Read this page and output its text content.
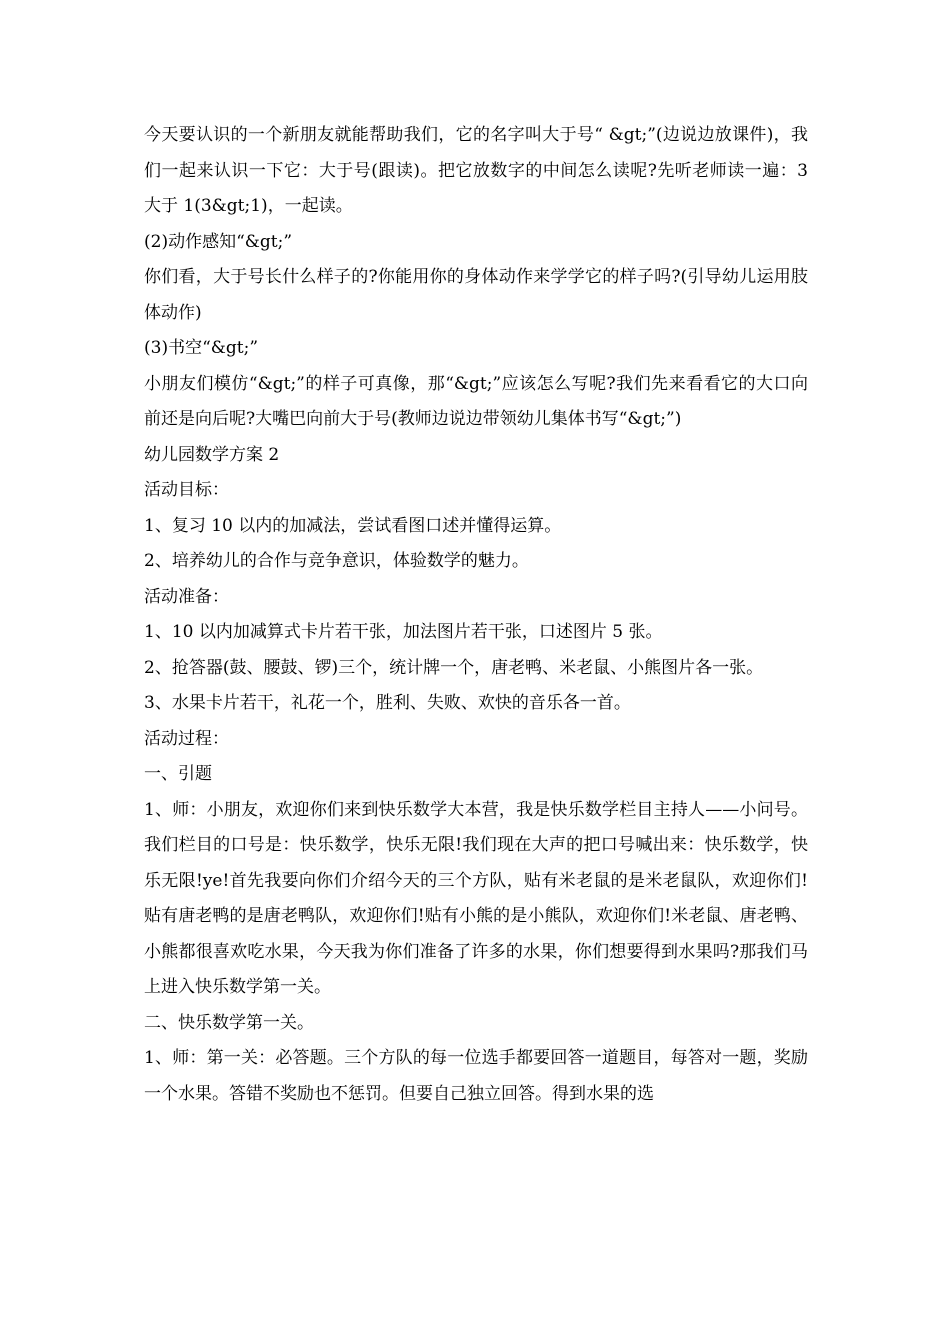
今天要认识的一个新朋友就能帮助我们，它的名字叫大于号“ &gt;”(边说边放课件)，我们一起来认识一下它：大于号(跟读)。把它放数字的中间怎么读呢?先听老师读一遍：3 大于 1(3&gt;1)，一起读。

(2)动作感知“&gt;”

你们看，大于号长什么样子的?你能用你的身体动作来学学它的样子吗?(引导幼儿运用肢体动作)

(3)书空“&gt;”

小朋友们模仿“&gt;”的样子可真像，那“&gt;”应该怎么写呢?我们先来看看它的大口向前还是向后呢?大嘴巴向前大于号(教师边说边带领幼儿集体书写“&gt;”)

幼儿园数学方案 2

活动目标：

1、复习 10 以内的加减法，尝试看图口述并懂得运算。

2、培养幼儿的合作与竞争意识，体验数学的魅力。

活动准备：

1、10 以内加减算式卡片若干张，加法图片若干张，口述图片 5 张。

2、抢答器(鼓、腰鼓、锣)三个，统计牌一个，唐老鸭、米老鼠、小熊图片各一张。

3、水果卡片若干，礼花一个，胜利、失败、欢快的音乐各一首。

活动过程：

一、引题

1、师：小朋友，欢迎你们来到快乐数学大本营，我是快乐数学栏目主持人——小问号。我们栏目的口号是：快乐数学，快乐无限!我们现在大声的把口号喊出来：快乐数学，快乐无限!ye!首先我要向你们介绍今天的三个方队，贴有米老鼠的是米老鼠队，欢迎你们!贴有唐老鸭的是唐老鸭队，欢迎你们!贴有小熊的是小熊队，欢迎你们!米老鼠、唐老鸭、小熊都很喜欢吃水果，今天我为你们准备了许多的水果，你们想要得到水果吗?那我们马上进入快乐数学第一关。

二、快乐数学第一关。

1、师：第一关：必答题。三个方队的每一位选手都要回答一道题目，每答对一题，奖励一个水果。答错不奖励也不惩罚。但要自己独立回答。得到水果的选
